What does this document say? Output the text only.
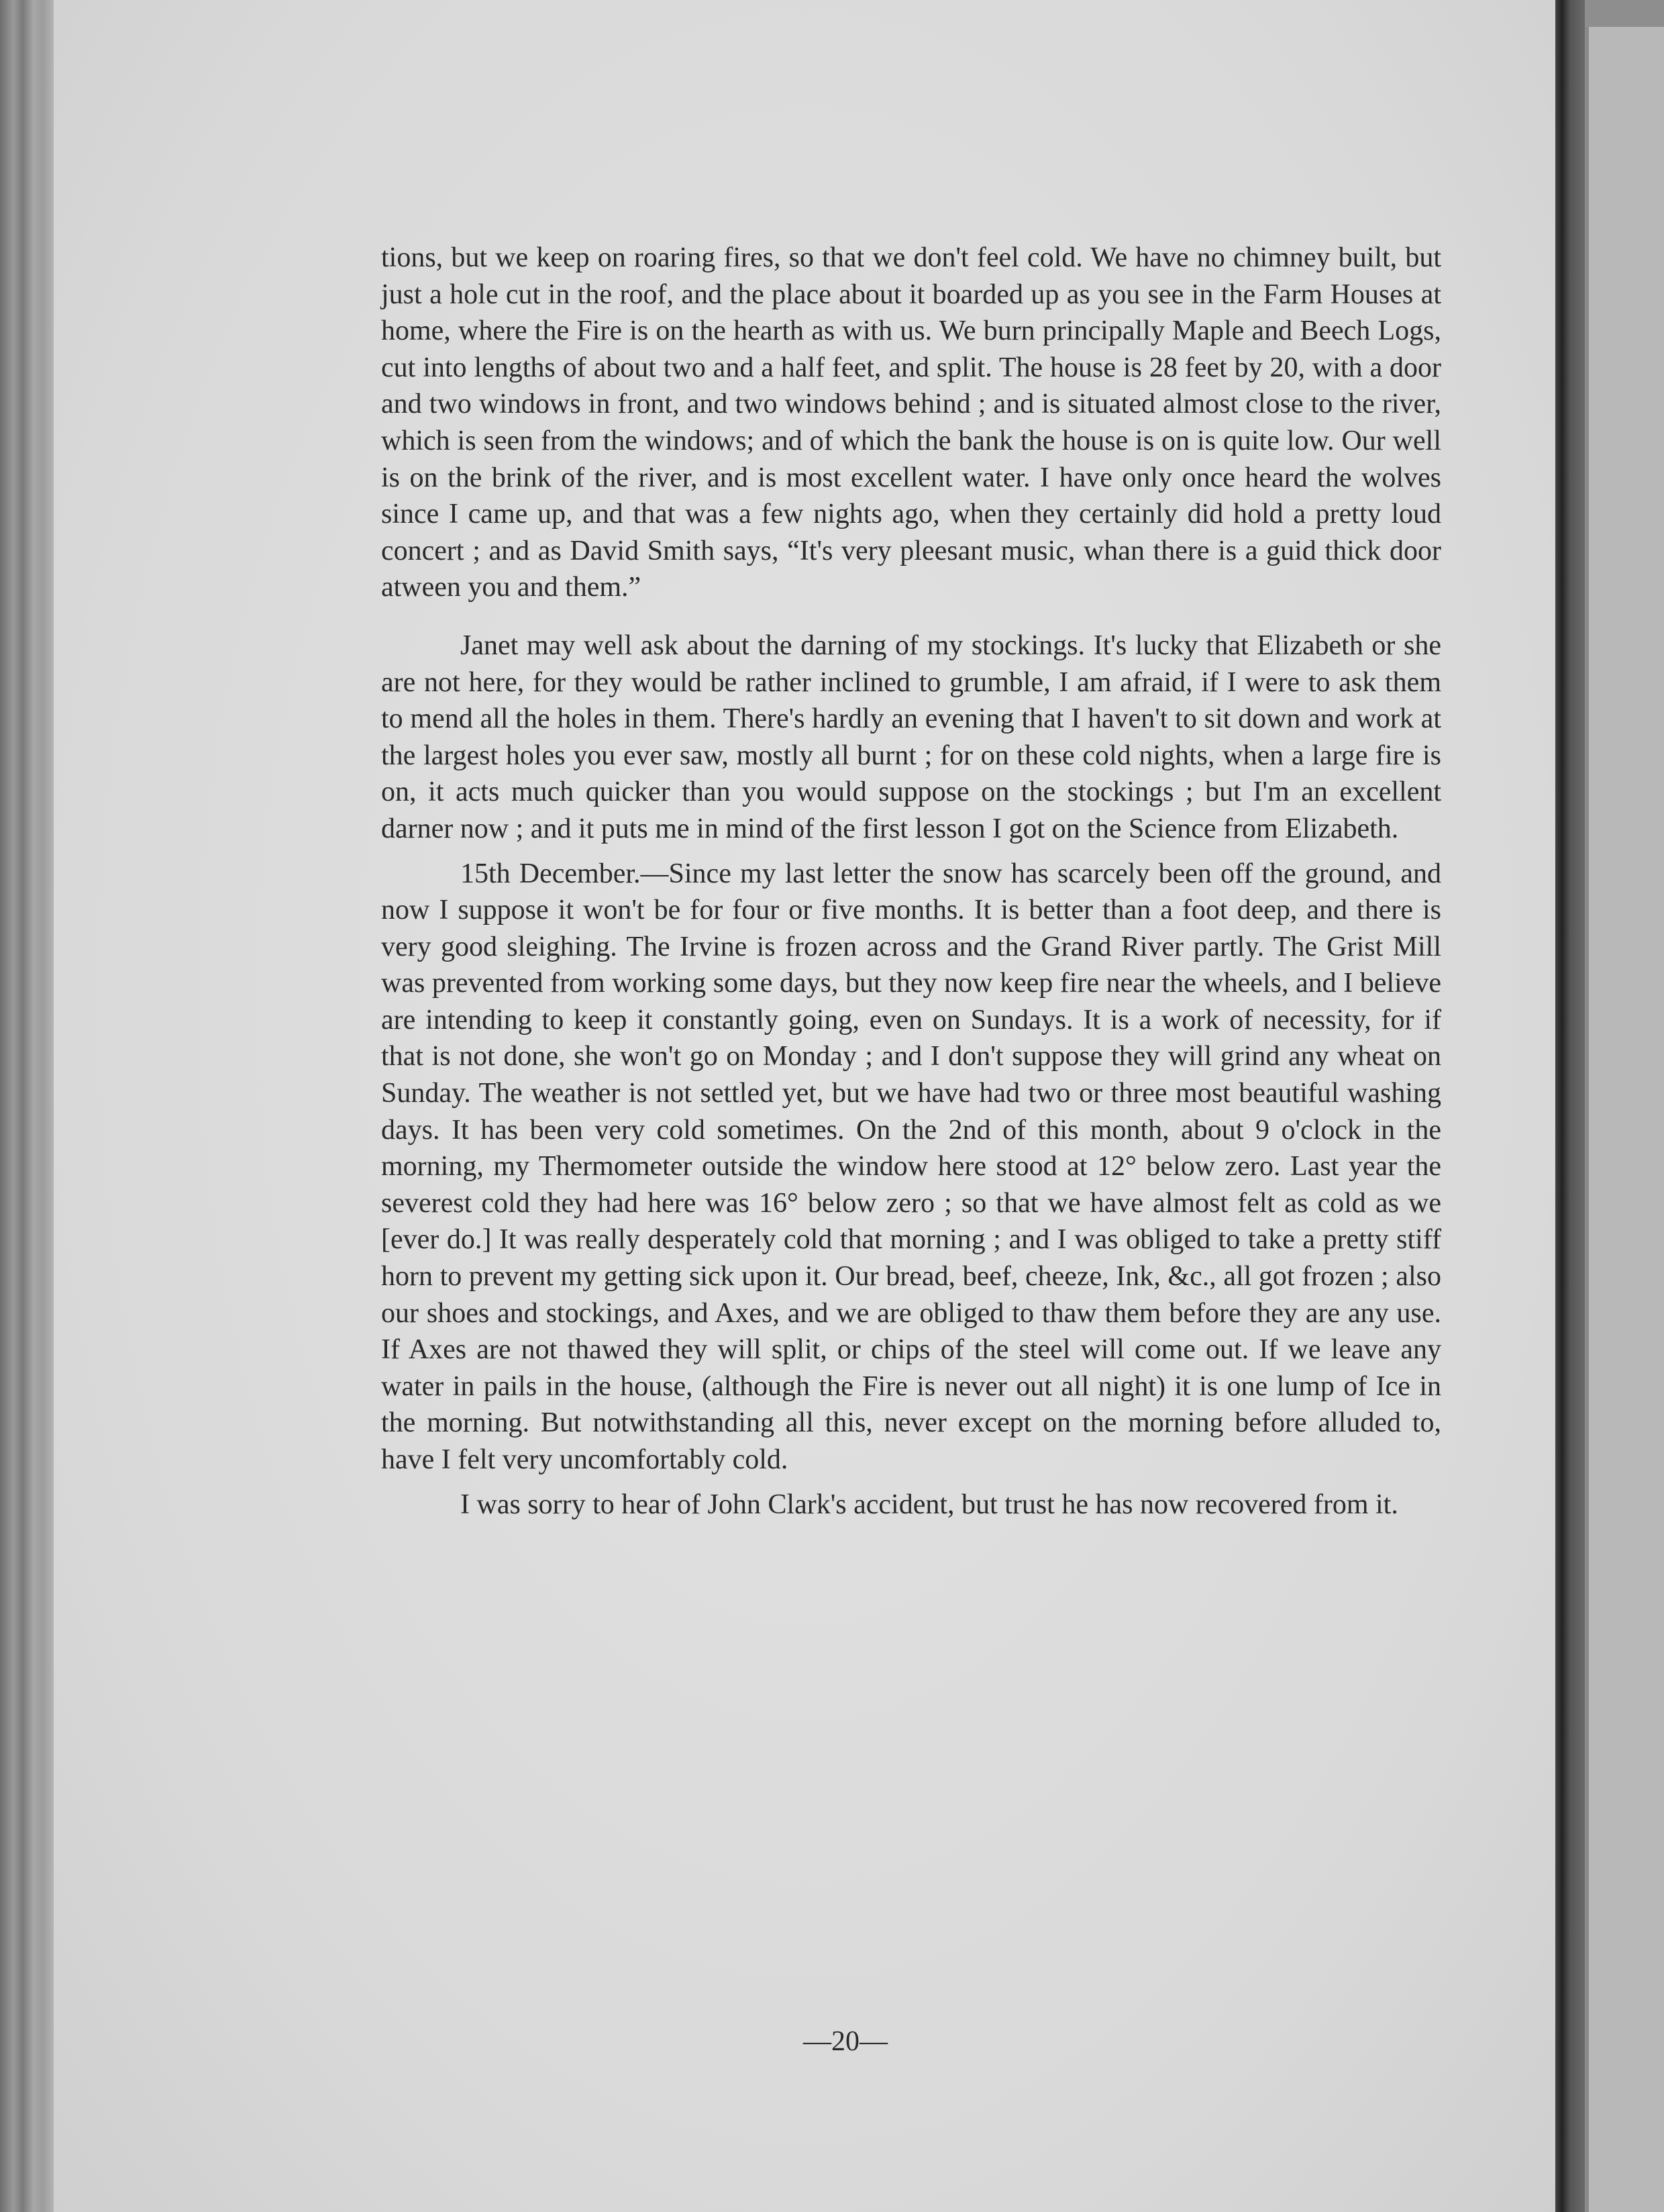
tions, but we keep on roaring fires, so that we don't feel cold. We have no chimney built, but just a hole cut in the roof, and the place about it boarded up as you see in the Farm Houses at home, where the Fire is on the hearth as with us. We burn principally Maple and Beech Logs, cut into lengths of about two and a half feet, and split. The house is 28 feet by 20, with a door and two windows in front, and two windows behind ; and is situated almost close to the river, which is seen from the windows; and of which the bank the house is on is quite low. Our well is on the brink of the river, and is most excellent water. I have only once heard the wolves since I came up, and that was a few nights ago, when they certainly did hold a pretty loud concert ; and as David Smith says, “It's very pleesant music, whan there is a guid thick door atween you and them.”

Janet may well ask about the darning of my stockings. It's lucky that Elizabeth or she are not here, for they would be rather inclined to grumble, I am afraid, if I were to ask them to mend all the holes in them. There's hardly an evening that I haven't to sit down and work at the largest holes you ever saw, mostly all burnt ; for on these cold nights, when a large fire is on, it acts much quicker than you would suppose on the stockings ; but I'm an excellent darner now ; and it puts me in mind of the first lesson I got on the Science from Elizabeth.

15th December.—Since my last letter the snow has scarcely been off the ground, and now I suppose it won't be for four or five months. It is better than a foot deep, and there is very good sleighing. The Irvine is frozen across and the Grand River partly. The Grist Mill was prevented from working some days, but they now keep fire near the wheels, and I believe are intending to keep it constantly going, even on Sundays. It is a work of necessity, for if that is not done, she won't go on Monday ; and I don't suppose they will grind any wheat on Sunday. The weather is not settled yet, but we have had two or three most beautiful washing days. It has been very cold sometimes. On the 2nd of this month, about 9 o'clock in the morning, my Thermometer outside the window here stood at 12° below zero. Last year the severest cold they had here was 16° below zero ; so that we have almost felt as cold as we [ever do.] It was really desperately cold that morning ; and I was obliged to take a pretty stiff horn to prevent my getting sick upon it. Our bread, beef, cheeze, Ink, &c., all got frozen ; also our shoes and stockings, and Axes, and we are obliged to thaw them before they are any use. If Axes are not thawed they will split, or chips of the steel will come out. If we leave any water in pails in the house, (although the Fire is never out all night) it is one lump of Ice in the morning. But notwithstanding all this, never except on the morning before alluded to, have I felt very uncomfortably cold.

I was sorry to hear of John Clark's accident, but trust he has now recovered from it.

—20—
